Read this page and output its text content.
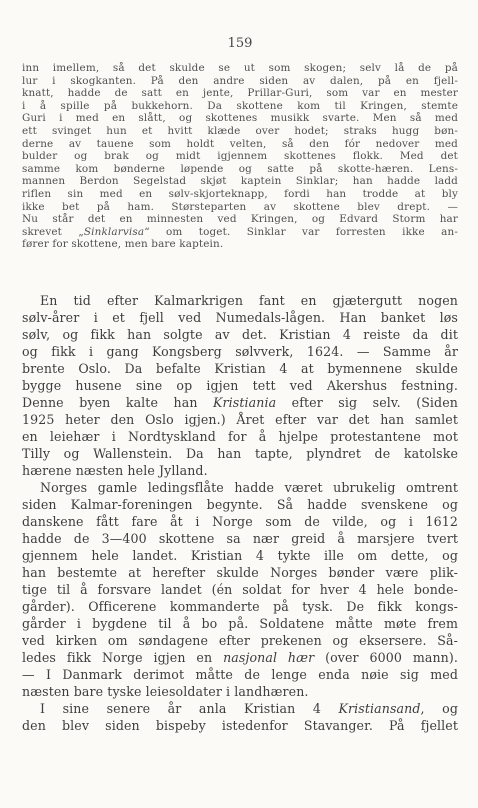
159
inn imellem, så det skulde se ut som skogen; selv lå de på
lur i skogkanten. På den andre siden av dalen, på en fjell-
knatt, hadde de satt en jente, Prillar-Guri, som var en mester
i å spille på bukkehorn. Da skottene kom til Kringen, stemte
Guri i med en slått, og skottenes musikk svarte. Men så med
ett svinget hun et hvitt klæde over hodet; straks hugg bøn-
derne av tauene som holdt velten, så den fór nedover med
bulder og brak og midt igjennem skottenes flokk. Med det
samme kom bønderne løpende og satte på skotte-hæren. Lens-
mannen Berdon Segelstad skjøt kaptein Sinklar; han hadde ladd
riflen sin med en sølv-skjorteknapp, fordi han trodde at bly
ikke bet på ham. Størsteparten av skottene blev drept. —
Nu står det en minnesten ved Kringen, og Edvard Storm har
skrevet „Sinklarvisa“ om toget. Sinklar var forresten ikke an-
fører for skottene, men bare kaptein.

En tid efter Kalmarkrigen fant en gjætergutt nogen
sølv-årer i et fjell ved Numedals-lågen. Han banket løs
sølv, og fikk han solgte av det. Kristian 4 reiste da dit
og fikk i gang Kongsberg sølvverk, 1624. — Samme år
brente Oslo. Da befalte Kristian 4 at bymennene skulde
bygge husene sine op igjen tett ved Akershus festning.
Denne byen kalte han Kristiania efter sig selv. (Siden
1925 heter den Oslo igjen.) Året efter var det han samlet
en leiehær i Nordtyskland for å hjelpe protestantene mot
Tilly og Wallenstein. Da han tapte, plyndret de katolske
hærene næsten hele Jylland.

Norges gamle ledingsflåte hadde været ubrukelig omtrent
siden Kalmar-foreningen begynte. Så hadde svenskene og
danskene fått fare åt i Norge som de vilde, og i 1612
hadde de 3—400 skottene sa nær greid å marsjere tvert
gjennem hele landet. Kristian 4 tykte ille om dette, og
han bestemte at herefter skulde Norges bønder være plik-
tige til å forsvare landet (én soldat for hver 4 hele bonde-
gårder). Officerene kommanderte på tysk. De fikk kongs-
gårder i bygdene til å bo på. Soldatene måtte møte frem
ved kirken om søndagene efter prekenen og eksersere. Så-
ledes fikk Norge igjen en nasjonal hær (over 6000 mann).
— I Danmark derimot måtte de lenge enda nøie sig med
næsten bare tyske leiesoldater i landhæren.

I sine senere år anla Kristian 4 Kristiansand, og
den blev siden bispeby istedenfor Stavanger. På fjellet
